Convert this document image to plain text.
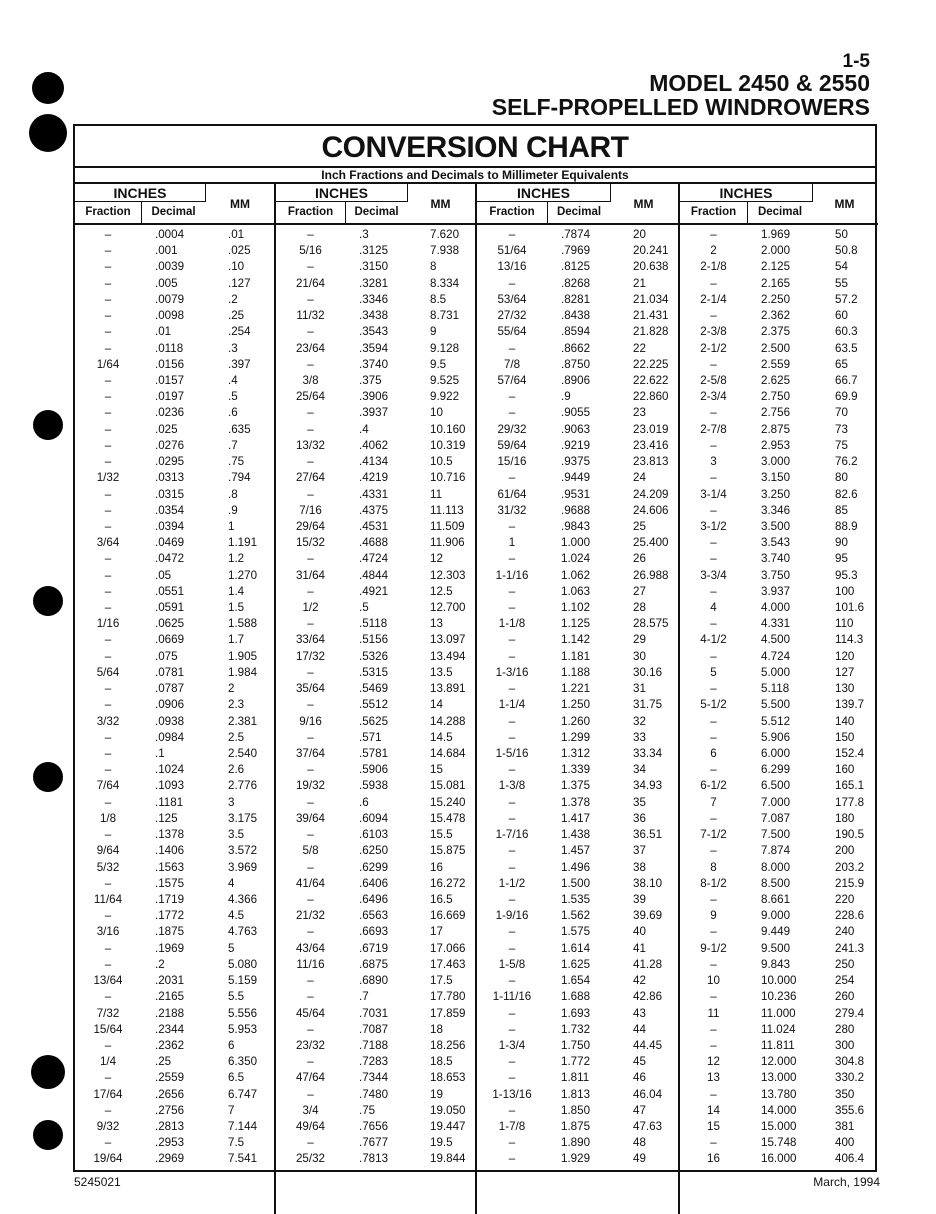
1-5
MODEL 2450 & 2550
SELF-PROPELLED WINDROWERS
CONVERSION CHART
Inch Fractions and Decimals to Millimeter Equivalents
INCHES
Fraction	Decimal
MM
–	.0004	.01
–	.001	.025
–	.0039	.10
–	.005	.127
–	.0079	.2
–	.0098	.25
–	.01	.254
–	.0118	.3
1/64	.0156	.397
–	.0157	.4
–	.0197	.5
–	.0236	.6
–	.025	.635
–	.0276	.7
–	.0295	.75
1/32	.0313	.794
–	.0315	.8
–	.0354	.9
–	.0394	1
3/64	.0469	1.191
–	.0472	1.2
–	.05	1.270
–	.0551	1.4
–	.0591	1.5
1/16	.0625	1.588
–	.0669	1.7
–	.075	1.905
5/64	.0781	1.984
–	.0787	2
–	.0906	2.3
3/32	.0938	2.381
–	.0984	2.5
–	.1	2.540
–	.1024	2.6
7/64	.1093	2.776
–	.1181	3
1/8	.125	3.175
–	.1378	3.5
9/64	.1406	3.572
5/32	.1563	3.969
–	.1575	4
11/64	.1719	4.366
–	.1772	4.5
3/16	.1875	4.763
–	.1969	5
–	.2	5.080
13/64	.2031	5.159
–	.2165	5.5
7/32	.2188	5.556
15/64	.2344	5.953
–	.2362	6
1/4	.25	6.350
–	.2559	6.5
17/64	.2656	6.747
–	.2756	7
9/32	.2813	7.144
–	.2953	7.5
19/64	.2969	7.541
INCHES
Fraction	Decimal
MM
–	.3	7.620
5/16	.3125	7.938
–	.3150	8
21/64	.3281	8.334
–	.3346	8.5
11/32	.3438	8.731
–	.3543	9
23/64	.3594	9.128
–	.3740	9.5
3/8	.375	9.525
25/64	.3906	9.922
–	.3937	10
–	.4	10.160
13/32	.4062	10.319
–	.4134	10.5
27/64	.4219	10.716
–	.4331	11
7/16	.4375	11.113
29/64	.4531	11.509
15/32	.4688	11.906
–	.4724	12
31/64	.4844	12.303
–	.4921	12.5
1/2	.5	12.700
–	.5118	13
33/64	.5156	13.097
17/32	.5326	13.494
–	.5315	13.5
35/64	.5469	13.891
–	.5512	14
9/16	.5625	14.288
–	.571	14.5
37/64	.5781	14.684
–	.5906	15
19/32	.5938	15.081
–	.6	15.240
39/64	.6094	15.478
–	.6103	15.5
5/8	.6250	15.875
–	.6299	16
41/64	.6406	16.272
–	.6496	16.5
21/32	.6563	16.669
–	.6693	17
43/64	.6719	17.066
11/16	.6875	17.463
–	.6890	17.5
–	.7	17.780
45/64	.7031	17.859
–	.7087	18
23/32	.7188	18.256
–	.7283	18.5
47/64	.7344	18.653
–	.7480	19
3/4	.75	19.050
49/64	.7656	19.447
–	.7677	19.5
25/32	.7813	19.844
INCHES
Fraction	Decimal
MM
–	.7874	20
51/64	.7969	20.241
13/16	.8125	20.638
–	.8268	21
53/64	.8281	21.034
27/32	.8438	21.431
55/64	.8594	21.828
–	.8662	22
7/8	.8750	22.225
57/64	.8906	22.622
–	.9	22.860
–	.9055	23
29/32	.9063	23.019
59/64	.9219	23.416
15/16	.9375	23.813
–	.9449	24
61/64	.9531	24.209
31/32	.9688	24.606
–	.9843	25
1	1.000	25.400
–	1.024	26
1-1/16	1.062	26.988
–	1.063	27
–	1.102	28
1-1/8	1.125	28.575
–	1.142	29
–	1.181	30
1-3/16	1.188	30.16
–	1.221	31
1-1/4	1.250	31.75
–	1.260	32
–	1.299	33
1-5/16	1.312	33.34
–	1.339	34
1-3/8	1.375	34.93
–	1.378	35
–	1.417	36
1-7/16	1.438	36.51
–	1.457	37
–	1.496	38
1-1/2	1.500	38.10
–	1.535	39
1-9/16	1.562	39.69
–	1.575	40
–	1.614	41
1-5/8	1.625	41.28
–	1.654	42
1-11/16	1.688	42.86
–	1.693	43
–	1.732	44
1-3/4	1.750	44.45
–	1.772	45
–	1.811	46
1-13/16	1.813	46.04
–	1.850	47
1-7/8	1.875	47.63
–	1.890	48
–	1.929	49
INCHES
Fraction	Decimal
MM
–	1.969	50
2	2.000	50.8
2-1/8	2.125	54
–	2.165	55
2-1/4	2.250	57.2
–	2.362	60
2-3/8	2.375	60.3
2-1/2	2.500	63.5
–	2.559	65
2-5/8	2.625	66.7
2-3/4	2.750	69.9
–	2.756	70
2-7/8	2.875	73
–	2.953	75
3	3.000	76.2
–	3.150	80
3-1/4	3.250	82.6
–	3.346	85
3-1/2	3.500	88.9
–	3.543	90
–	3.740	95
3-3/4	3.750	95.3
–	3.937	100
4	4.000	101.6
–	4.331	110
4-1/2	4.500	114.3
–	4.724	120
5	5.000	127
–	5.118	130
5-1/2	5.500	139.7
–	5.512	140
–	5.906	150
6	6.000	152.4
–	6.299	160
6-1/2	6.500	165.1
7	7.000	177.8
–	7.087	180
7-1/2	7.500	190.5
–	7.874	200
8	8.000	203.2
8-1/2	8.500	215.9
–	8.661	220
9	9.000	228.6
–	9.449	240
9-1/2	9.500	241.3
–	9.843	250
10	10.000	254
–	10.236	260
11	11.000	279.4
–	11.024	280
–	11.811	300
12	12.000	304.8
13	13.000	330.2
–	13.780	350
14	14.000	355.6
15	15.000	381
–	15.748	400
16	16.000	406.4
5245021	March, 1994
